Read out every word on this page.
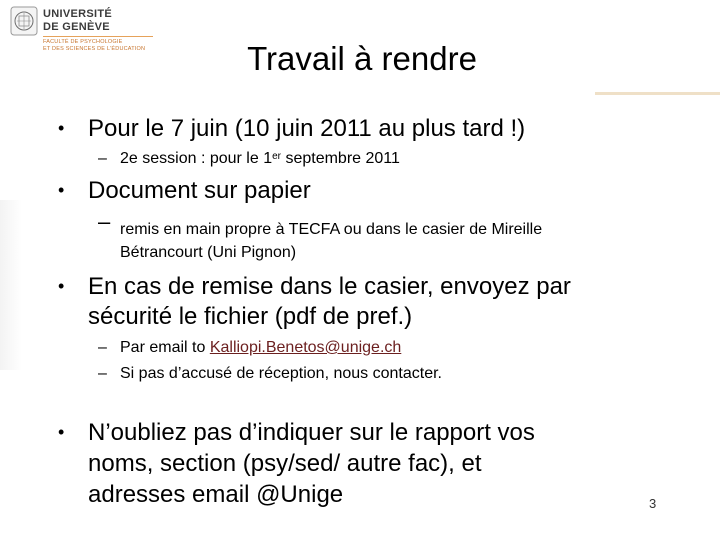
UNIVERSITÉ
DE GENÈVE
FACULTÉ DE PSYCHOLOGIE
ET DES SCIENCES DE L'ÉDUCATION	Travail à rendre
• Pour le 7 juin (10 juin 2011 au plus tard !)
– 2e session : pour le 1er septembre 2011
• Document sur papier
– remis en main propre à TECFA ou dans le casier de Mireille
Bétrancourt (Uni Pignon)
• En cas de remise dans le casier, envoyez par
sécurité le fichier (pdf de pref.)
– Par email to Kalliopi.Benetos@unige.ch
– Si pas d’accusé de réception, nous contacter.
• N’oubliez pas d’indiquer sur le rapport vos
noms, section (psy/sed/ autre fac), et
adresses email @Unige	3
